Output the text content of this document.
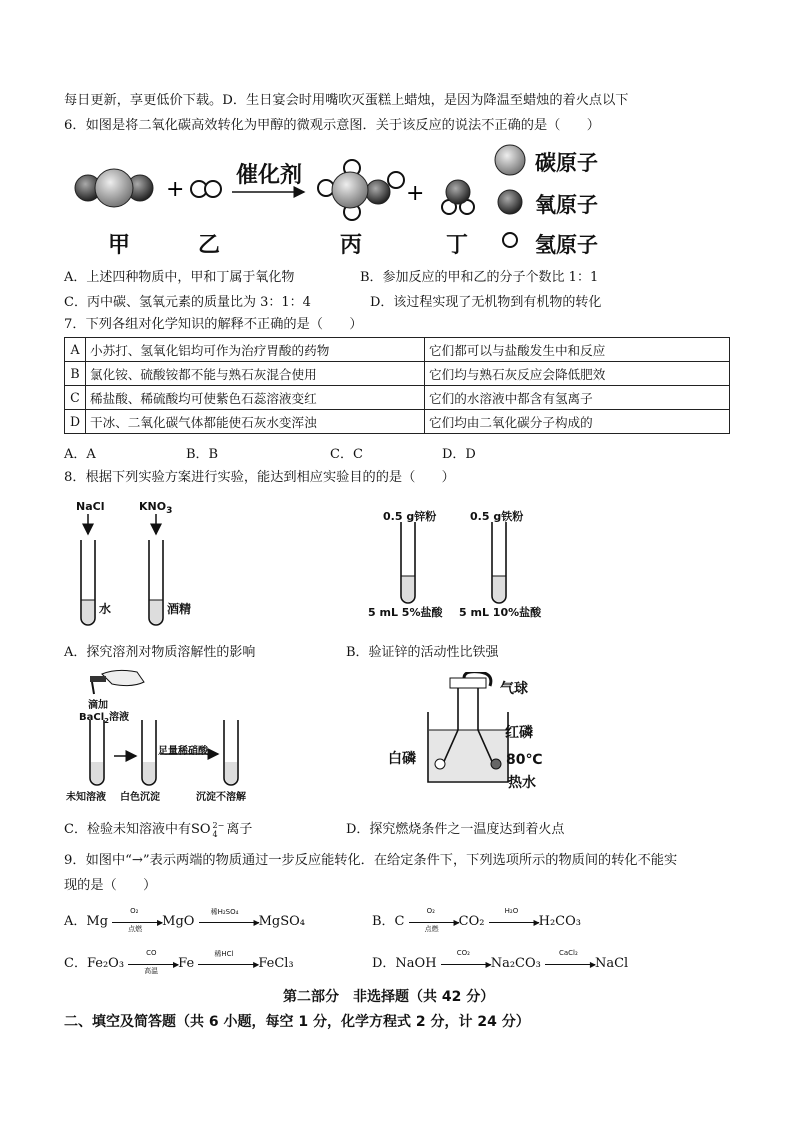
每日更新，享更低价下载。D．生日宴会时用嘴吹灭蛋糕上蜡烛，是因为降温至蜡烛的着火点以下
6．如图是将二氧化碳高效转化为甲醇的微观示意图．关于该反应的说法不正确的是（　　）
+	+
催化剂
甲	乙	丙	丁
碳原子
氧原子
氢原子
A．上述四种物质中，甲和丁属于氧化物	B．参加反应的甲和乙的分子个数比 1：1
C．丙中碳、氢氧元素的质量比为 3：1：4	D．该过程实现了无机物到有机物的转化
7．下列各组对化学知识的解释不正确的是（　　）
A	小苏打、氢氧化铝均可作为治疗胃酸的药物	它们都可以与盐酸发生中和反应
B	氯化铵、硫酸铵都不能与熟石灰混合使用	它们均与熟石灰反应会降低肥效
C	稀盐酸、稀硫酸均可使紫色石蕊溶液变红	它们的水溶液中都含有氢离子
D	干冰、二氧化碳气体都能使石灰水变浑浊	它们均由二氧化碳分子构成的
A．A	B．B	C．C	D．D
8．根据下列实验方案进行实验，能达到相应实验目的的是（　　）
NaCl	$KNO_3$
水	酒精
0.5 g锌粉	0.5 g铁粉
5 mL 5%盐酸 5 mL 10%盐酸
A．探究溶剂对物质溶解性的影响	B．验证锌的活动性比铁强
滴加
BaCl$_2$溶液
足量稀硝酸
未知溶液 白色沉淀	沉淀不溶解
气球
红磷
白磷	80℃
热水
C．检验未知溶液中有SO 2−
4 离子	D．探究燃烧条件之一温度达到着火点
9．如图中“→”表示两端的物质通过一步反应能转化．在给定条件下，下列选项所示的物质间的转化不能实
现的是（　　）
A．Mg
O₂
▶
点燃 MgO
稀H₂SO₄
▶ MgSO₄	B．C
O₂
▶
点燃 CO₂
H₂O
▶ H₂CO₃
C．Fe₂O₃
CO
▶
高温 Fe
稀HCl
▶ FeCl₃	D．NaOH
CO₂
▶ Na₂CO₃
CaCl₂
▶ NaCl
第二部分　非选择题（共 42 分）
二、填空及简答题（共 6 小题，每空 1 分，化学方程式 2 分，计 24 分）
